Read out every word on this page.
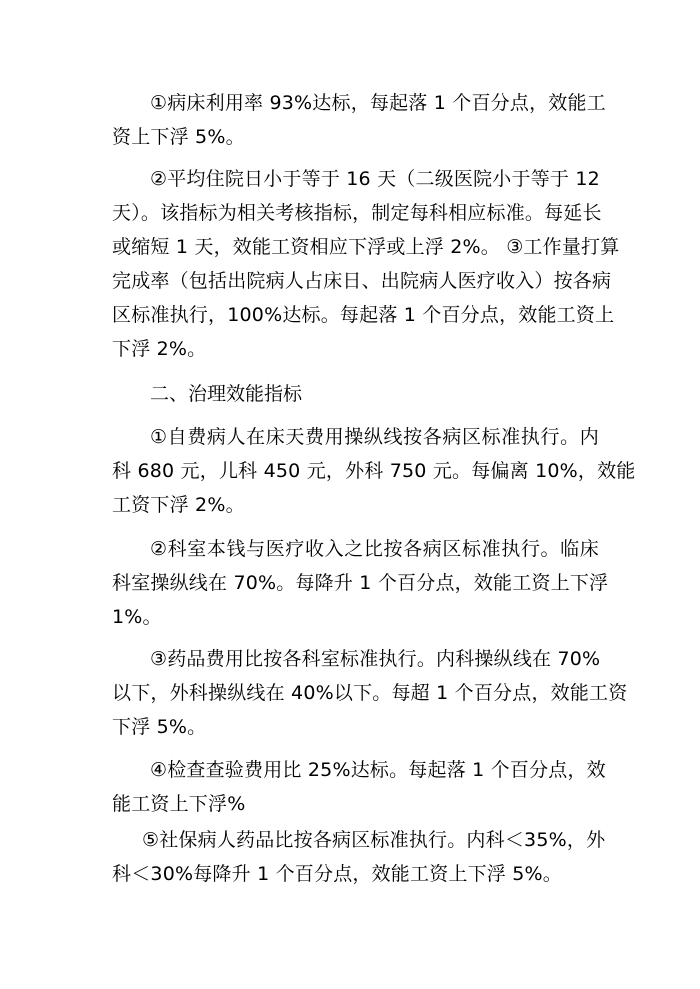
①病床利用率 93%达标，每起落 1 个百分点，效能工
资上下浮 5%。
②平均住院日小于等于 16 天（二级医院小于等于 12
天）。该指标为相关考核指标，制定每科相应标准。每延长
或缩短 1 天，效能工资相应下浮或上浮 2%。 ③工作量打算
完成率（包括出院病人占床日、出院病人医疗收入）按各病
区标准执行，100%达标。每起落 1 个百分点，效能工资上
下浮 2%。
二、治理效能指标
①自费病人在床天费用操纵线按各病区标准执行。内
科 680 元，儿科 450 元，外科 750 元。每偏离 10%，效能
工资下浮 2%。
②科室本钱与医疗收入之比按各病区标准执行。临床
科室操纵线在 70%。每降升 1 个百分点，效能工资上下浮
1%。
③药品费用比按各科室标准执行。内科操纵线在 70%
以下，外科操纵线在 40%以下。每超 1 个百分点，效能工资
下浮 5%。
④检查查验费用比 25%达标。每起落 1 个百分点，效
能工资上下浮%
⑤社保病人药品比按各病区标准执行。内科＜35%，外
科＜30%每降升 1 个百分点，效能工资上下浮 5%。
